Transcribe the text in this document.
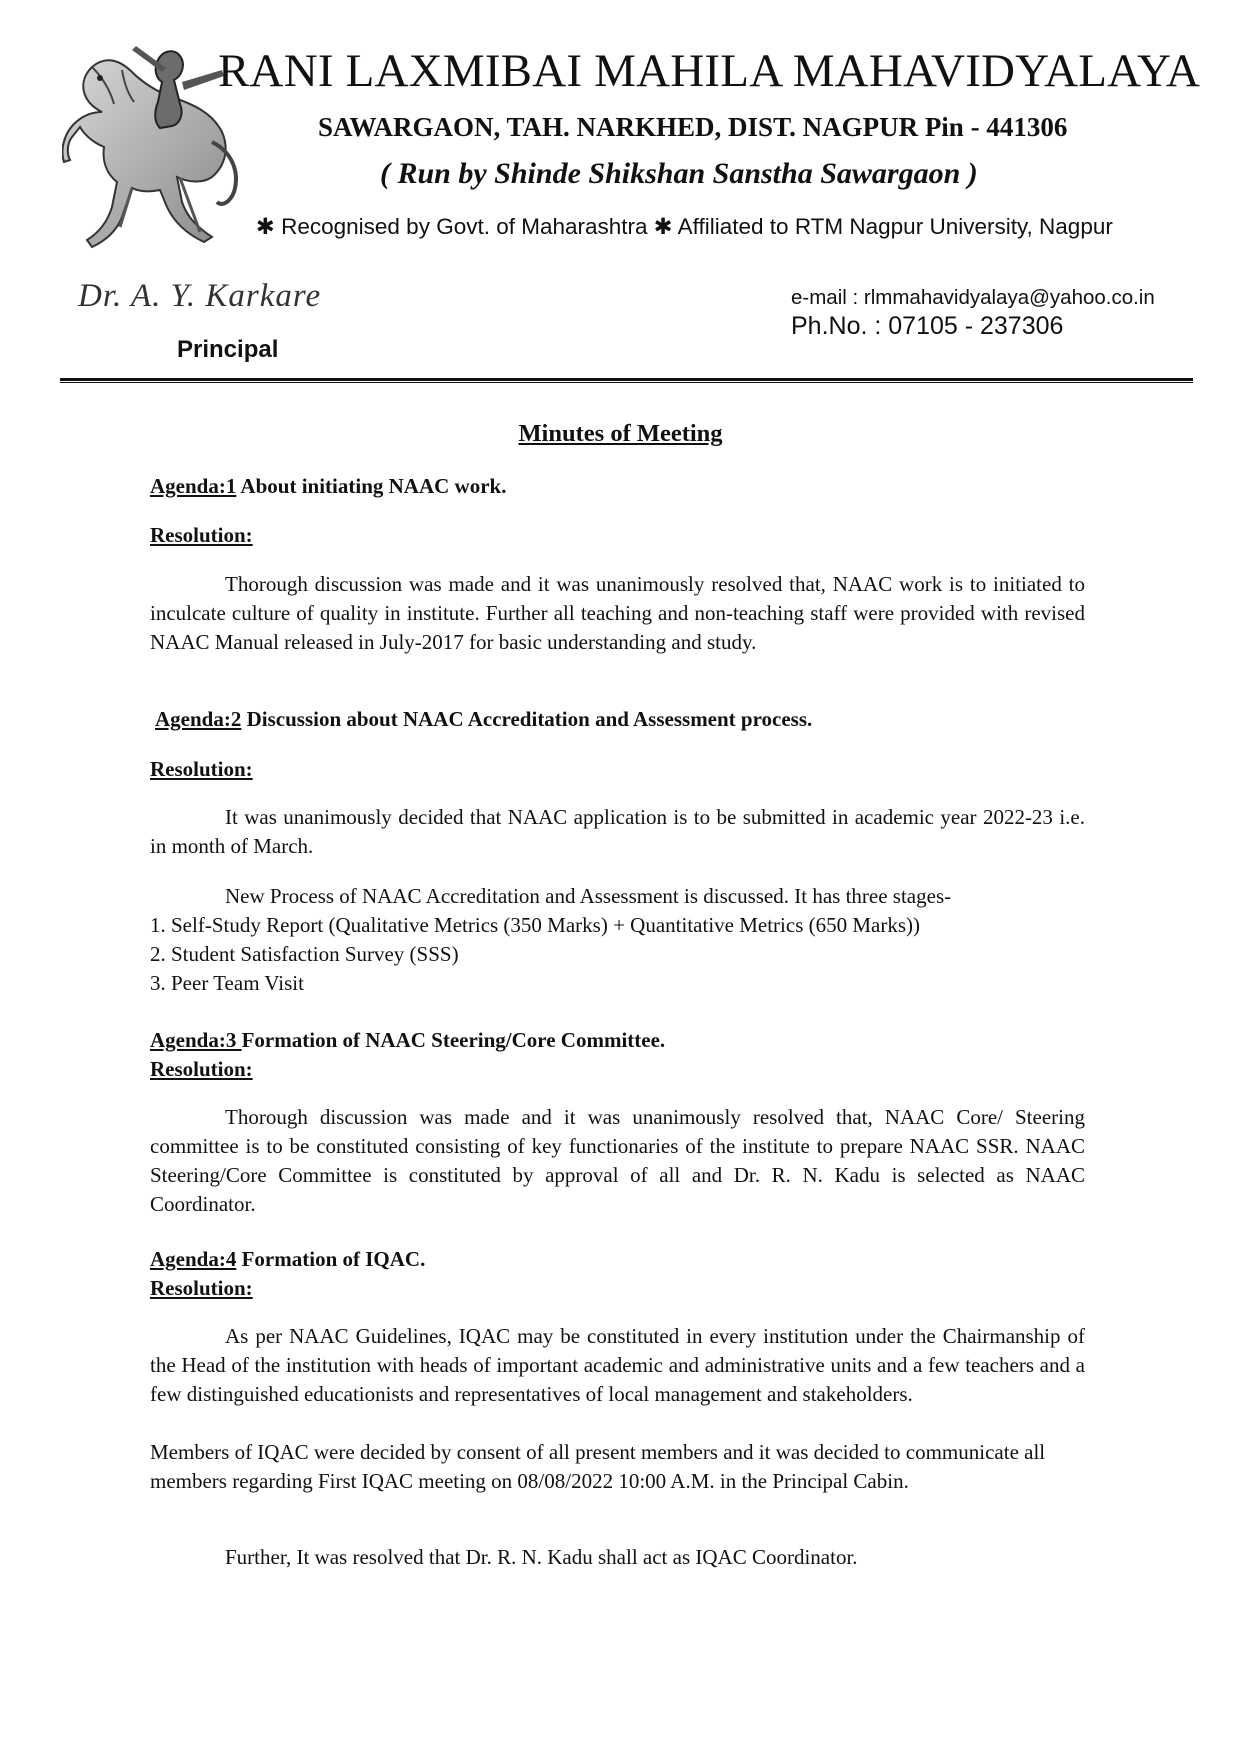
RANI LAXMIBAI MAHILA MAHAVIDYALAYA
SAWARGAON, TAH. NARKHED, DIST. NAGPUR Pin - 441306
( Run by Shinde Shikshan Sanstha Sawargaon )
✱ Recognised by Govt. of Maharashtra ✱ Affiliated to RTM Nagpur University, Nagpur
Dr. A. Y. Karkare
Principal
e-mail : rlmmahavidyalaya@yahoo.co.in
Ph.No. : 07105 - 237306
Minutes of Meeting
Agenda:1 About initiating NAAC work.
Resolution:
Thorough discussion was made and it was unanimously resolved that, NAAC work is to initiated to inculcate culture of quality in institute. Further all teaching and non-teaching staff were provided with revised NAAC Manual released in July-2017 for basic understanding and study.
Agenda:2 Discussion about NAAC Accreditation and Assessment process.
Resolution:
It was unanimously decided that NAAC application is to be submitted in academic year 2022-23 i.e. in month of March.
New Process of NAAC Accreditation and Assessment is discussed. It has three stages-
1. Self-Study Report (Qualitative Metrics (350 Marks) + Quantitative Metrics (650 Marks))
2. Student Satisfaction Survey (SSS)
3. Peer Team Visit
Agenda:3 Formation of NAAC Steering/Core Committee.
Resolution:
Thorough discussion was made and it was unanimously resolved that, NAAC Core/ Steering committee is to be constituted consisting of key functionaries of the institute to prepare NAAC SSR. NAAC Steering/Core Committee is constituted by approval of all and Dr. R. N. Kadu is selected as NAAC Coordinator.
Agenda:4 Formation of IQAC.
Resolution:
As per NAAC Guidelines, IQAC may be constituted in every institution under the Chairmanship of the Head of the institution with heads of important academic and administrative units and a few teachers and a few distinguished educationists and representatives of local management and stakeholders.
Members of IQAC were decided by consent of all present members and it was decided to communicate all members regarding First IQAC meeting on 08/08/2022 10:00 A.M. in the Principal Cabin.
Further, It was resolved that Dr. R. N. Kadu shall act as IQAC Coordinator.
